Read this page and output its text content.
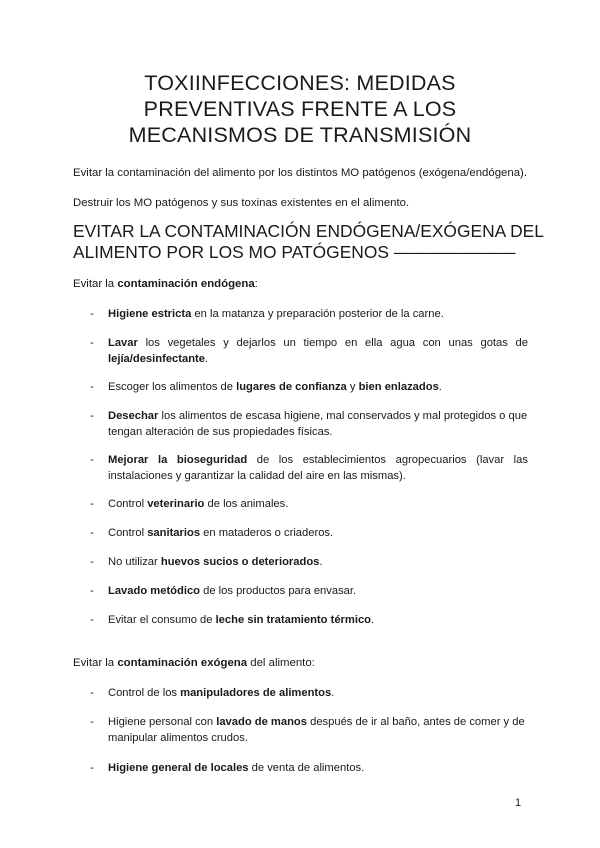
TOXIINFECCIONES: MEDIDAS
PREVENTIVAS FRENTE A LOS
MECANISMOS DE TRANSMISIÓN

Evitar la contaminación del alimento por los distintos MO patógenos (exógena/endógena).

Destruir los MO patógenos y sus toxinas existentes en el alimento.

EVITAR LA CONTAMINACIÓN ENDÓGENA/EXÓGENA DEL
ALIMENTO POR LOS MO PATÓGENOS ———————

Evitar la contaminación endógena:

- Higiene estricta en la matanza y preparación posterior de la carne.
- Lavar los vegetales y dejarlos un tiempo en ella agua con unas gotas de lejía/desinfectante.
- Escoger los alimentos de lugares de confianza y bien enlazados.
- Desechar los alimentos de escasa higiene, mal conservados y mal protegidos o que tengan alteración de sus propiedades físicas.
- Mejorar la bioseguridad de los establecimientos agropecuarios (lavar las instalaciones y garantizar la calidad del aire en las mismas).
- Control veterinario de los animales.
- Control sanitarios en mataderos o criaderos.
- No utilizar huevos sucios o deteriorados.
- Lavado metódico de los productos para envasar.
- Evitar el consumo de leche sin tratamiento térmico.

Evitar la contaminación exógena del alimento:

- Control de los manipuladores de alimentos.
- Higiene personal con lavado de manos después de ir al baño, antes de comer y de manipular alimentos crudos.
- Higiene general de locales de venta de alimentos.
1
